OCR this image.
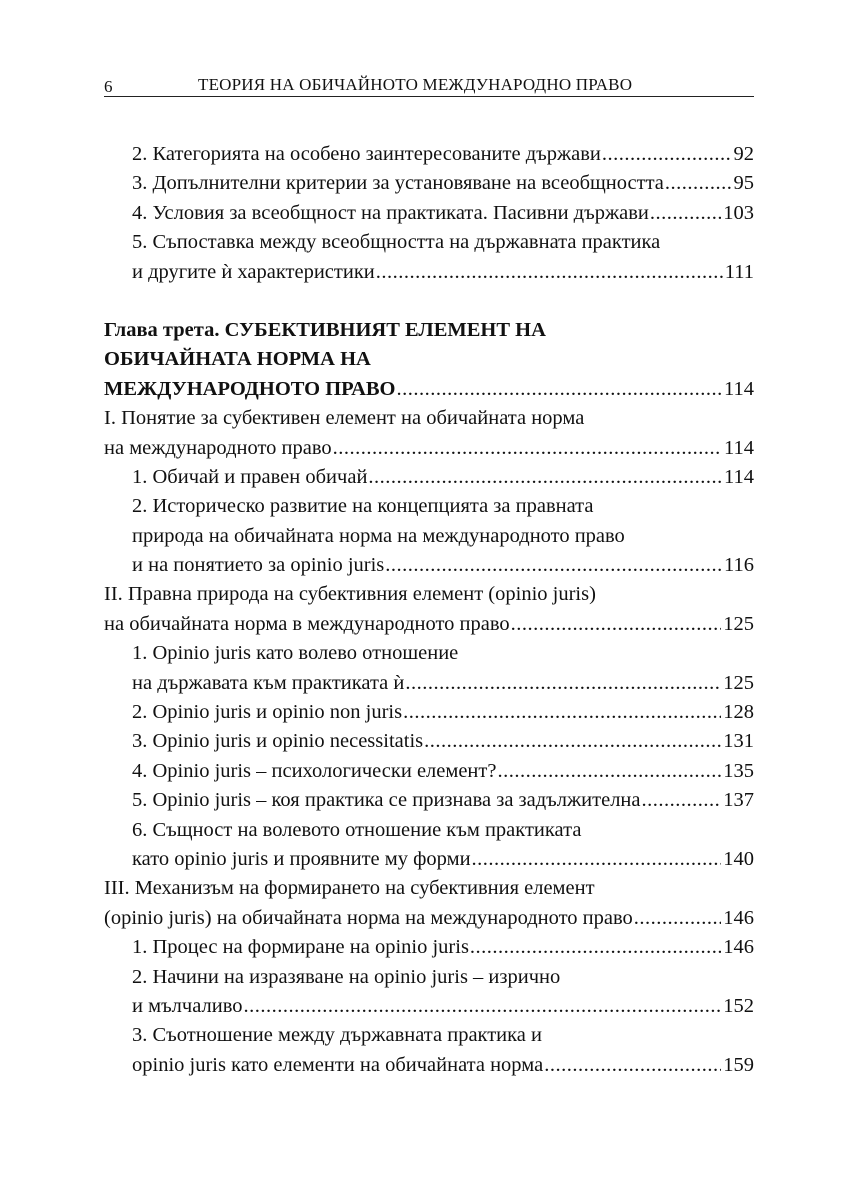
6	ТЕОРИЯ НА ОБИЧАЙНОТО МЕЖДУНАРОДНО ПРАВО
2. Категорията на особено заинтересованите държави .....	92
3. Допълнителни критерии за установяване на всеобщността .....	95
4. Условия за всеобщност на практиката. Пасивни държави .....	103
5. Съпоставка между всеобщността на държавната практика
и другите ѝ характеристики .....	111
Глава трета. СУБЕКТИВНИЯТ ЕЛЕМЕНТ НА
ОБИЧАЙНАТА НОРМА НА
МЕЖДУНАРОДНОТО ПРАВО .....	114
I. Понятие за субективен елемент на обичайната норма
на международното право .....	114
1. Обичай и правен обичай .....	114
2. Историческо развитие на концепцията за правната
природа на обичайната норма на международното право
и на понятието за opinio juris .....	116
II. Правна природа на субективния елемент (opinio juris)
на обичайната норма в международното право .....	125
1. Opinio juris като волево отношение
на държавата към практиката ѝ .....	125
2. Opinio juris и opinio non juris .....	128
3. Opinio juris и opinio necessitatis .....	131
4. Opinio juris – психологически елемент? .....	135
5. Opinio juris – коя практика се признава за задължителна .....	137
6. Същност на волевото отношение към практиката
като opinio juris и проявните му форми .....	140
III. Механизъм на формирането на субективния елемент
(opinio juris) на обичайната норма на международното право .....	146
1. Процес на формиране на opinio juris .....	146
2. Начини на изразяване на opinio juris – изрично
и мълчаливо .....	152
3. Съотношение между държавната практика и
opinio juris като елементи на обичайната норма .....	159
